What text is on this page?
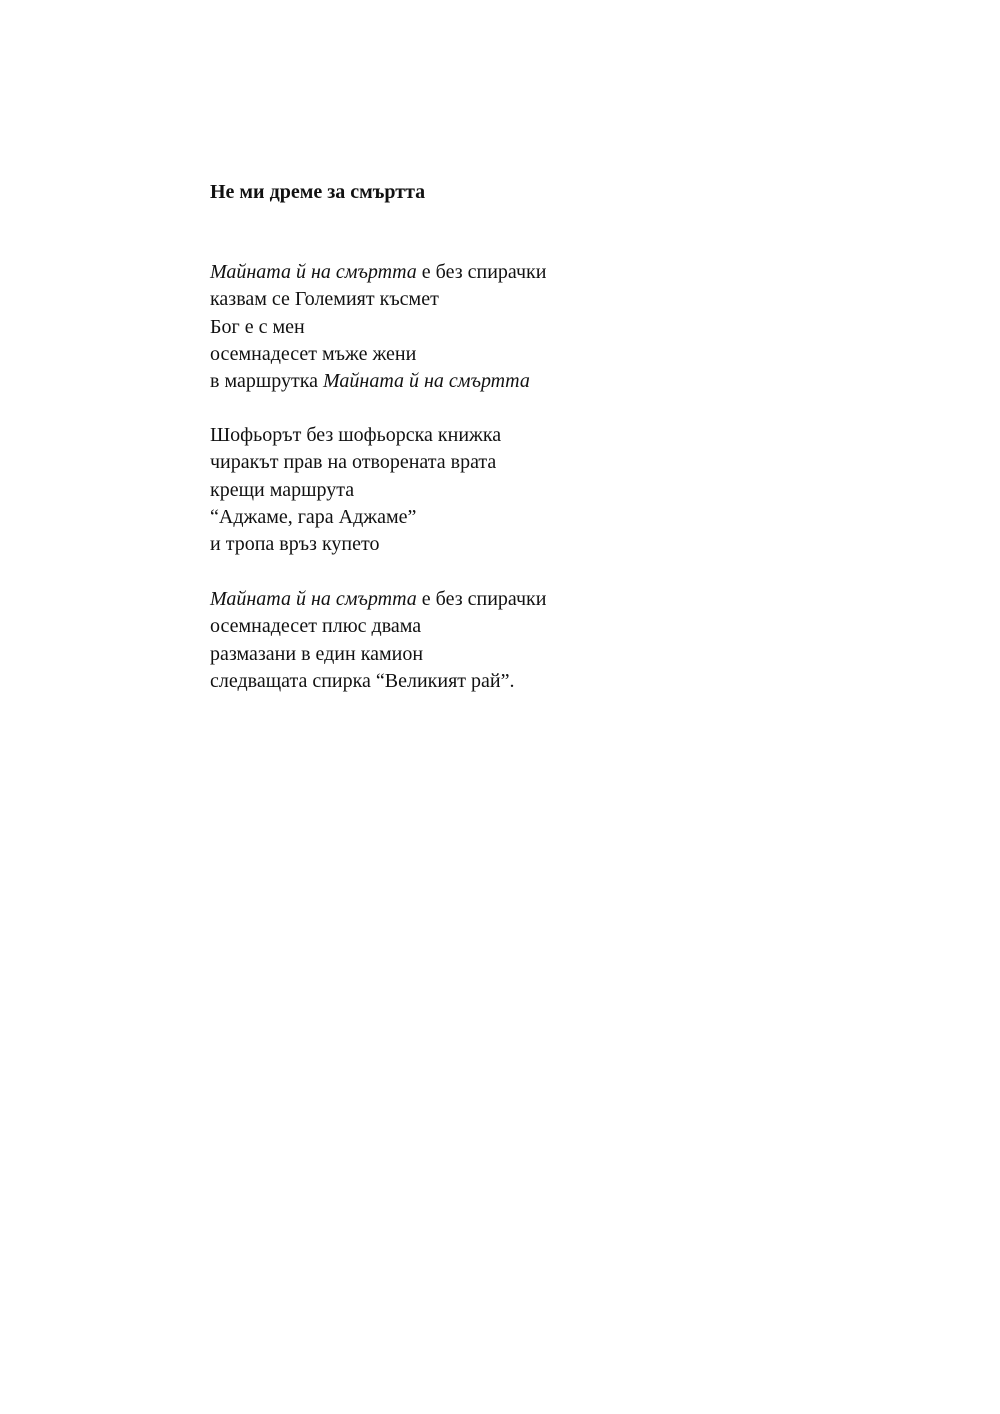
Не ми дреме за смъртта
Майната й на смъртта е без спирачки
казвам се Големият късмет
Бог е с мен
осемнадесет мъже жени
в маршрутка Майната й на смъртта
Шофьорът без шофьорска книжка
чиракът прав на отворената врата
крещи маршрута
“Аджаме, гара Аджаме”
и тропа връз купето
Майната й на смъртта е без спирачки
осемнадесет плюс двама
размазани в един камион
следващата спирка “Великият рай”.
